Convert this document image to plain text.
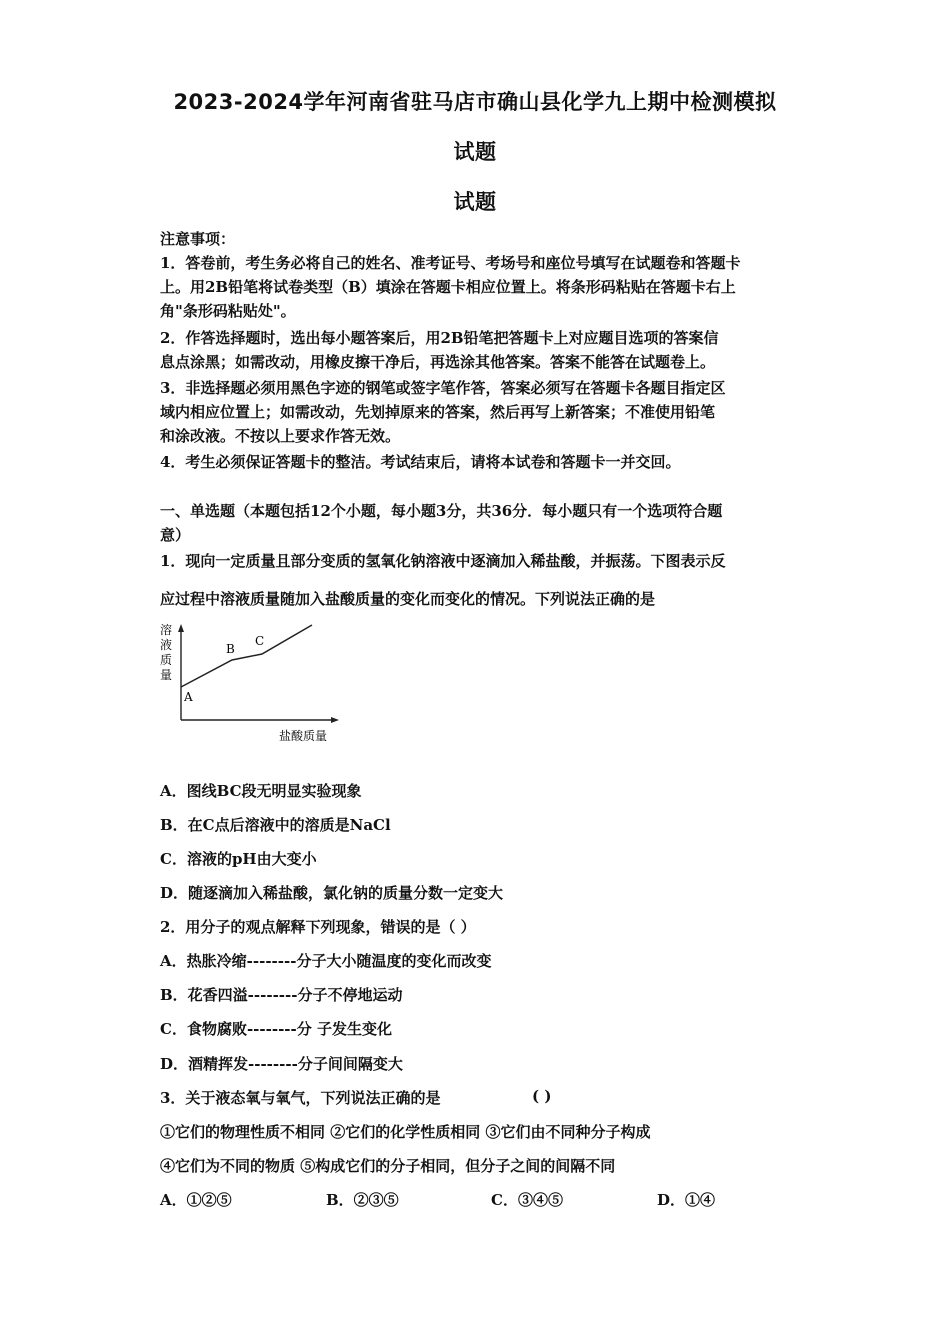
2023-2024学年河南省驻马店市确山县化学九上期中检测模拟
试题
试题
注意事项：
1．答卷前，考生务必将自己的姓名、准考证号、考场号和座位号填写在试题卷和答题卡
上。用2B铅笔将试卷类型（B）填涂在答题卡相应位置上。将条形码粘贴在答题卡右上
角"条形码粘贴处"。
2．作答选择题时，选出每小题答案后，用2B铅笔把答题卡上对应题目选项的答案信
息点涂黑；如需改动，用橡皮擦干净后，再选涂其他答案。答案不能答在试题卷上。
3．非选择题必须用黑色字迹的钢笔或签字笔作答，答案必须写在答题卡各题目指定区
域内相应位置上；如需改动，先划掉原来的答案，然后再写上新答案；不准使用铅笔
和涂改液。不按以上要求作答无效。
4．考生必须保证答题卡的整洁。考试结束后，请将本试卷和答题卡一并交回。
一、单选题（本题包括12个小题，每小题3分，共36分．每小题只有一个选项符合题
意）
1．现向一定质量且部分变质的氢氧化钠溶液中逐滴加入稀盐酸，并振荡。下图表示反
应过程中溶液质量随加入盐酸质量的变化而变化的情况。下列说法正确的是
溶
液
质
量
A
B
C
盐酸质量
A．图线BC段无明显实验现象
B．在C点后溶液中的溶质是NaCl
C．溶液的pH由大变小
D．随逐滴加入稀盐酸，氯化钠的质量分数一定变大
2．用分子的观点解释下列现象，错误的是（ ）
A．热胀冷缩--------分子大小随温度的变化而改变
B．花香四溢--------分子不停地运动
C．食物腐败--------分 子发生变化
D．酒精挥发--------分子间间隔变大
3．关于液态氧与氧气，下列说法正确的是	( )
①它们的物理性质不相同 ②它们的化学性质相同 ③它们由不同种分子构成
④它们为不同的物质 ⑤构成它们的分子相同，但分子之间的间隔不同
A．①②⑤	B．②③⑤	C．③④⑤	D．①④
